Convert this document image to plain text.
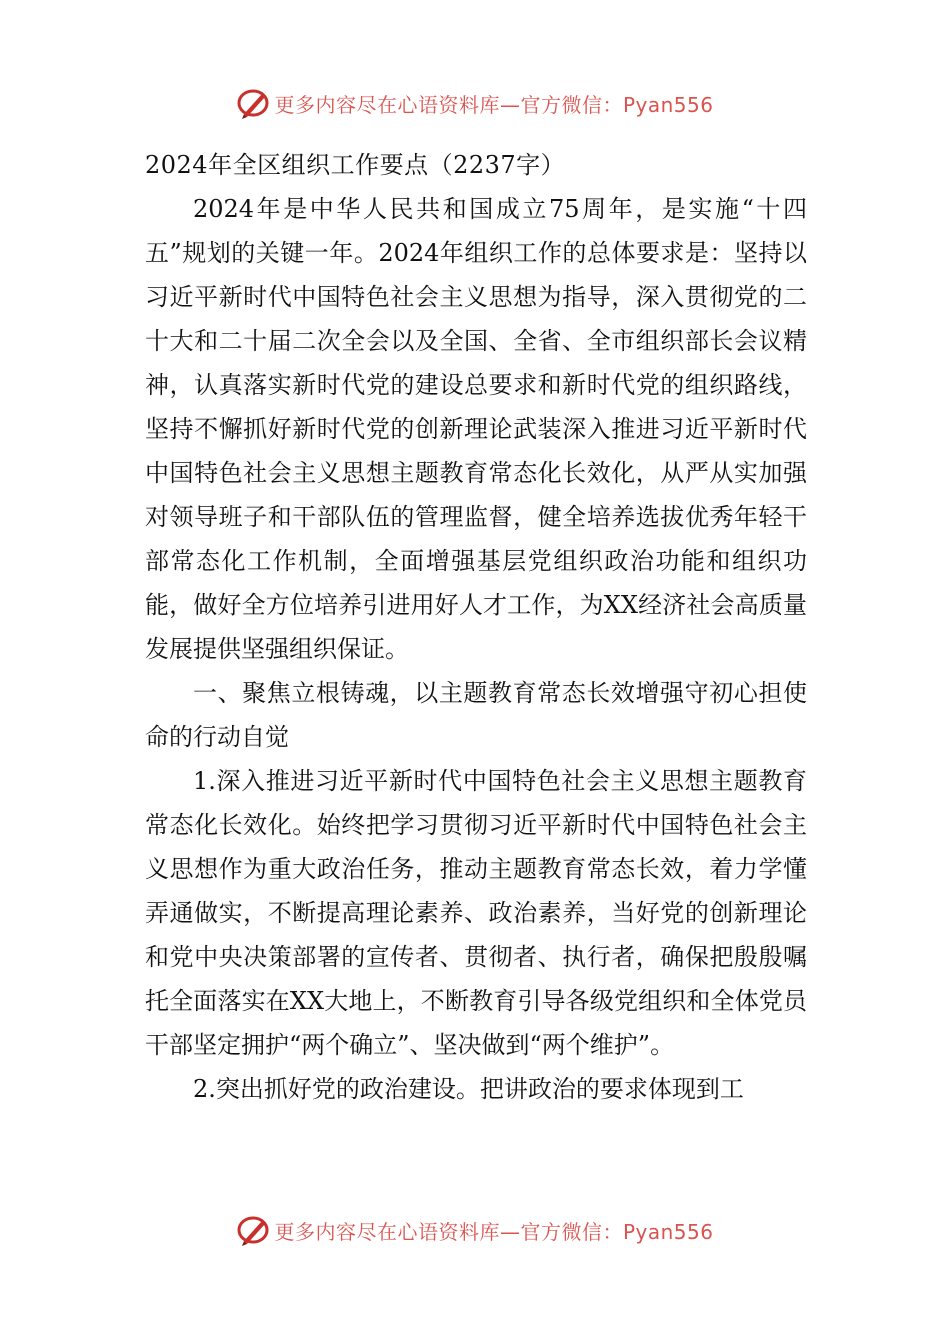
更多内容尽在心语资料库—官方微信：Pyan556

2024年全区组织工作要点（2237字）

2024年是中华人民共和国成立75周年，是实施“十四五”规划的关键一年。2024年组织工作的总体要求是：坚持以习近平新时代中国特色社会主义思想为指导，深入贯彻党的二十大和二十届二次全会以及全国、全省、全市组织部长会议精神，认真落实新时代党的建设总要求和新时代党的组织路线，坚持不懈抓好新时代党的创新理论武装深入推进习近平新时代中国特色社会主义思想主题教育常态化长效化，从严从实加强对领导班子和干部队伍的管理监督，健全培养选拔优秀年轻干部常态化工作机制，全面增强基层党组织政治功能和组织功能，做好全方位培养引进用好人才工作，为XX经济社会高质量发展提供坚强组织保证。

一、聚焦立根铸魂，以主题教育常态长效增强守初心担使命的行动自觉

1.深入推进习近平新时代中国特色社会主义思想主题教育常态化长效化。始终把学习贯彻习近平新时代中国特色社会主义思想作为重大政治任务，推动主题教育常态长效，着力学懂弄通做实，不断提高理论素养、政治素养，当好党的创新理论和党中央决策部署的宣传者、贯彻者、执行者，确保把殷殷嘱托全面落实在XX大地上，不断教育引导各级党组织和全体党员干部坚定拥护“两个确立”、坚决做到“两个维护”。

2.突出抓好党的政治建设。把讲政治的要求体现到工

更多内容尽在心语资料库—官方微信：Pyan556
